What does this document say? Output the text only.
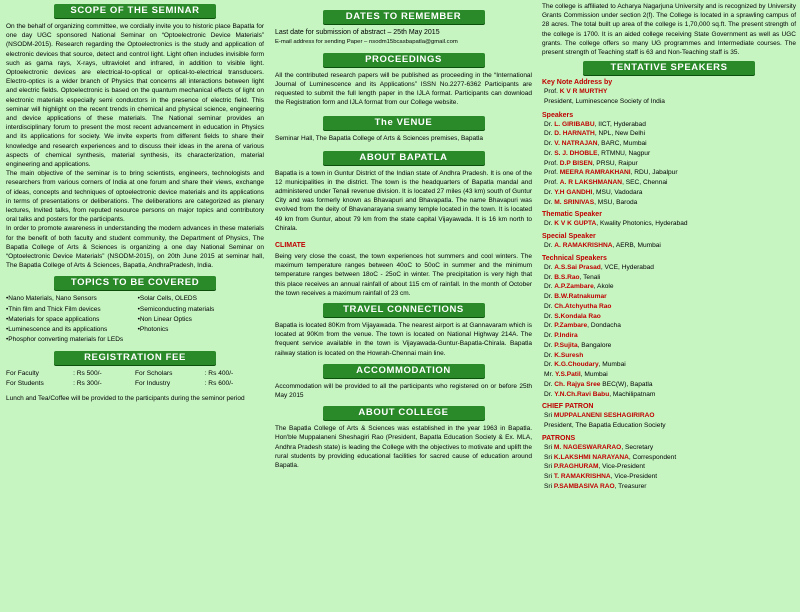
SCOPE OF THE SEMINAR

On the behalf of organizing committee, we cordially invite you to historic place Bapatla for one day UGC sponsored National Seminar on “Optoelectronic Device Materials” (NSODM-2015). Research regarding the Optoelectronics is the study and application of electronic devices that source, detect and control light. Light often includes invisible form such as gama rays, X-rays, ultraviolet and infrared, in addition to visible light. Optoelectronic devices are electrical-to-optical or optical-to-electrical transducers. Electro-optics is a wider branch of Physics that concerns all interactions between light and electric fields. Optoelectronic is based on the quantum mechanical effects of light on electronic materials especially semi conductors in the presence of electric field. This seminar will highlight on the recent trends in chemical and physical science, engineering and device applications of these materials. The National seminar provides an interdisciplinary forum to present the most recent advancement in education in Physics and its applications for society. We invite experts from different fields to share their knowledge and research experiences and to discuss their ideas in the arena of various aspects of chemical synthesis, material synthesis, its characterization, material engineering and applications.

The main objective of the seminar is to bring scientists, engineers, technologists and researchers from various corners of India at one forum and share their views, exchange of ideas, concepts and techniques of optoelectronic device materials and its applications in terms of presentations or deliberations. The deliberations are categorized as plenary lectures, Invited talks, from reputed resource persons on major topics and contributory oral talks and posters for the participants.

In order to promote awareness in understanding the modern advances in these materials for the benefit of both faculty and student community, the Department of Physics, The Bapatla College of Arts & Sciences is organizing a one day National Seminar on “Optoelectronic Device Materials” (NSODM-2015), on 20th June 2015 at seminar hall, The Bapatla College of Arts & Sciences, Bapatla, AndhraPradesh, India.

TOPICS TO BE COVERED
• Nano Materials, Nano Sensors	• Solar Cells, OLEDS
• Thin film and Thick Film devices	• Semiconducting materials
• Materials for space applications	• Non Linear Optics
• Luminescence and its applications	• Photonics
• Phosphor converting materials for LEDs
REGISTRATION FEE
For Faculty	: Rs 500/-	For Scholars	: Rs 400/-
For Students	: Rs 300/-	For Industry	: Rs 600/-

Lunch and Tea/Coffee will be provided to the participants during the seminor period

DATES TO REMEMBER

Last date for submission of abstract – 25th May 2015

E-mail address for sending Paper – nsodm15bcasbapatla@gmail.com

PROCEEDINGS

All the contributed research papers will be published as proceeding in the “International Journal of Luminescence and its Applications” ISSN No.2277-6362 Participants are requested to submit the full length paper in the IJLA format. Participants can download the Registration form and IJLA format from our College website.

The VENUE

Seminar Hall, The Bapatla College of Arts & Sciences premises, Bapatla

ABOUT BAPATLA

Bapatla is a town in Guntur District of the Indian state of Andhra Pradesh. It is one of the 12 municipalities in the district. The town is the headquarters of Bapatla mandal and administered under Tenali revenue division. It is located 27 miles (43 km) south of Guntur City and was formerly known as Bhavapuri and Bhavapatla. The name Bhavapuri was evolved from the deity of Bhavanarayana swamy temple located in the town. It is located 49 km from Guntur, about 79 km from the state capital Vijayawada. It is 16 km north to Chirala.

CLIMATE

Being very close the coast, the town experiences hot summers and cool winters. The maximum temperature ranges between 40oC to 50oC in summer and the minimum temperature ranges between 18oC - 25oC in winter. The precipitation is very high that this place receives an annual rainfall of about 115 cm of rainfall. In the month of October the town receives a maximum rainfall of 23 cm.

TRAVEL CONNECTIONS

Bapatla is located 80Km from Vijayawada. The nearest airport is at Gannavaram which is located at 90Km from the venue. The town is located on National Highway 214A. The frequent service available in the town is Vijayawada-Guntur-Bapatla-Chirala. Bapatla railway station is located on the Howrah-Chennai main line.

ACCOMMODATION

Accommodation will be provided to all the participants who registered on or before 25th May 2015

ABOUT COLLEGE

The Bapatla College of Arts & Sciences was established in the year 1963 in Bapatla. Hon'ble Muppalaneni Sheshagiri Rao (President, Bapatla Education Society & Ex. MLA, Andhra Pradesh state) is leading the College with the objectives to motivate and uplift the rural students by providing educational facilities for sacred cause of education around Bapatla.

The college is affiliated to Acharya Nagarjuna University and is recognized by University Grants Commission under section 2(f). The College is located in a sprawling campus of 28 acres. The total built up area of the college is 1,70,000 sq.ft. The present strength of the college is 1700. It is an aided college receiving State Government as well as UGC grants. The college offers so many UG programmes and Intermediate courses. The present strength of Teaching staff is 63 and Non-Teaching staff is 35.

TENTATIVE SPEAKERS
Key Note Address by
Prof. K V R MURTHY
President, Luminescence Society of India
Speakers
Dr. L. GIRIBABU, IICT, Hyderabad
Dr. D. HARNATH, NPL, New Delhi
Dr. V. NATRAJAN, BARC, Mumbai
Dr. S. J. DHOBLE, RTMNU, Nagpur
Prof. D.P BISEN, PRSU, Raipur
Prof. MEERA RAMRAKHANI, RDU, Jabalpur
Prof. A. R LAKSHMANAN, SEC, Chennai
Dr. Y.H GANDHI, MSU, Vadodara
Dr. M. SRINIVAS, MSU, Baroda
Thematic Speaker
Dr. K V K GUPTA, Kwality Photonics, Hyderabad
Special Speaker
Dr. A. RAMAKRISHNA, AERB, Mumbai
Technical Speakers
Dr. A.S.Sai Prasad, VCE, Hyderabad
Dr. B.S.Rao, Tenali
Dr. A.P.Zambare, Akole
Dr. B.W.Ratnakumar
Dr. Ch.Atchyutha Rao
Dr. S.Kondala Rao
Dr. P.Zambare, Dondacha
Dr. P.Indira
Dr. P.Sujita, Bangalore
Dr. K.Suresh
Dr. K.G.Choudary, Mumbai
Mr. Y.S.Patil, Mumbai
Dr. Ch. Rajya Sree BEC(W), Bapatla
Dr. Y.N.Ch.Ravi Babu, Machilipatnam
CHIEF PATRON
Sri MUPPALANENI SESHAGIRIRAO
President, The Bapatla Education Society
PATRONS
Sri M. NAGESWARARAO, Secretary
Sri K.LAKSHMI NARAYANA, Correspondent
Sri P.RAGHURAM, Vice-President
Sri T. RAMAKRISHNA, Vice-President
Sri P.SAMBASIVA RAO, Treasurer
